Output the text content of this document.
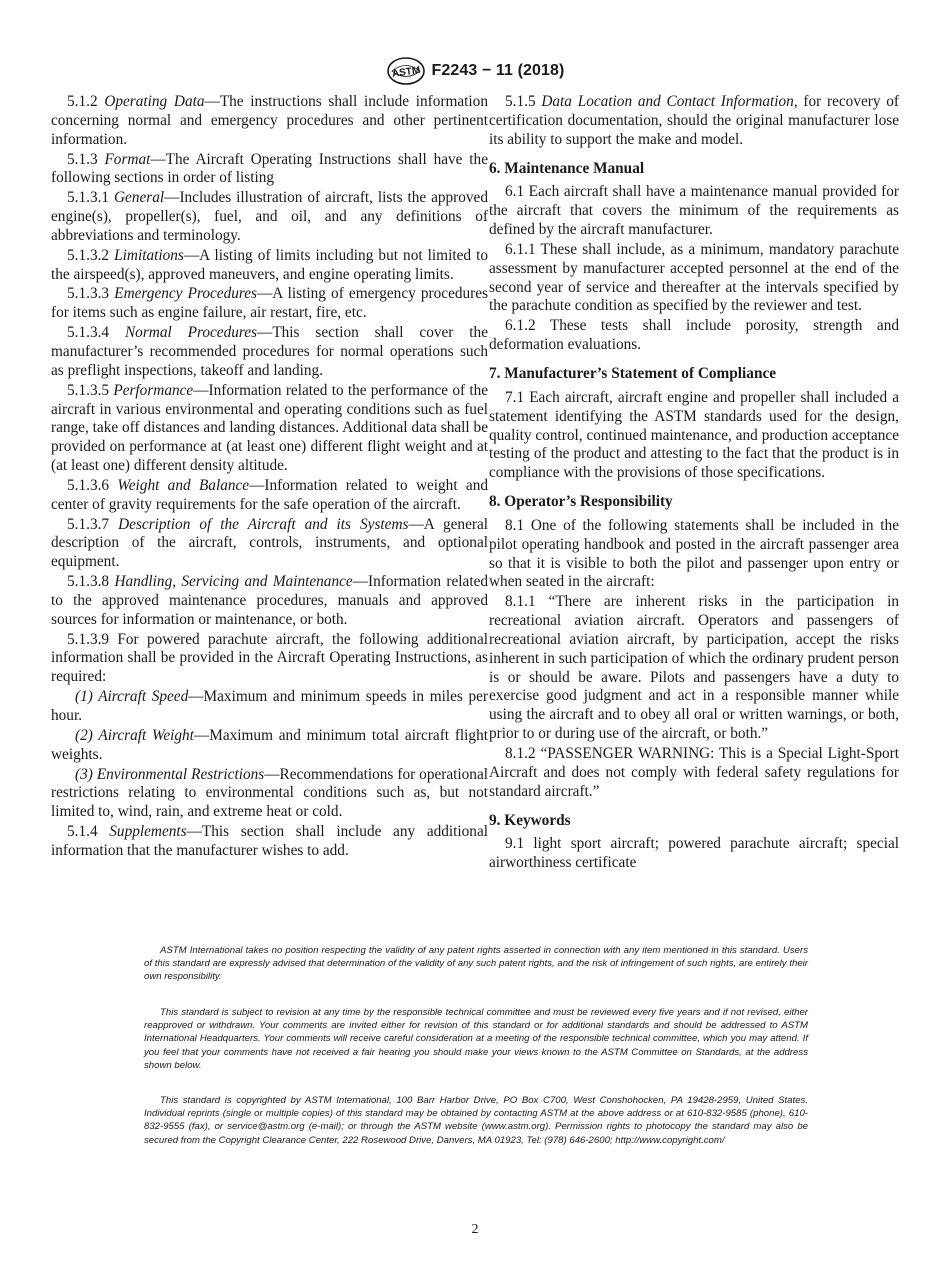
ASTM F2243 − 11 (2018)

5.1.2 Operating Data—The instructions shall include information concerning normal and emergency procedures and other pertinent information.

5.1.3 Format—The Aircraft Operating Instructions shall have the following sections in order of listing

5.1.3.1 General—Includes illustration of aircraft, lists the approved engine(s), propeller(s), fuel, and oil, and any definitions of abbreviations and terminology.

5.1.3.2 Limitations—A listing of limits including but not limited to the airspeed(s), approved maneuvers, and engine operating limits.

5.1.3.3 Emergency Procedures—A listing of emergency procedures for items such as engine failure, air restart, fire, etc.

5.1.3.4 Normal Procedures—This section shall cover the manufacturer’s recommended procedures for normal operations such as preflight inspections, takeoff and landing.

5.1.3.5 Performance—Information related to the performance of the aircraft in various environmental and operating conditions such as fuel range, take off distances and landing distances. Additional data shall be provided on performance at (at least one) different flight weight and at (at least one) different density altitude.

5.1.3.6 Weight and Balance—Information related to weight and center of gravity requirements for the safe operation of the aircraft.

5.1.3.7 Description of the Aircraft and its Systems—A general description of the aircraft, controls, instruments, and optional equipment.

5.1.3.8 Handling, Servicing and Maintenance—Information related to the approved maintenance procedures, manuals and approved sources for information or maintenance, or both.

5.1.3.9 For powered parachute aircraft, the following additional information shall be provided in the Aircraft Operating Instructions, as required:

(1) Aircraft Speed—Maximum and minimum speeds in miles per hour.

(2) Aircraft Weight—Maximum and minimum total aircraft flight weights.

(3) Environmental Restrictions—Recommendations for operational restrictions relating to environmental conditions such as, but not limited to, wind, rain, and extreme heat or cold.

5.1.4 Supplements—This section shall include any additional information that the manufacturer wishes to add.

5.1.5 Data Location and Contact Information, for recovery of certification documentation, should the original manufacturer lose its ability to support the make and model.

6. Maintenance Manual

6.1 Each aircraft shall have a maintenance manual provided for the aircraft that covers the minimum of the requirements as defined by the aircraft manufacturer.

6.1.1 These shall include, as a minimum, mandatory parachute assessment by manufacturer accepted personnel at the end of the second year of service and thereafter at the intervals specified by the parachute condition as specified by the reviewer and test.

6.1.2 These tests shall include porosity, strength and deformation evaluations.

7. Manufacturer’s Statement of Compliance

7.1 Each aircraft, aircraft engine and propeller shall included a statement identifying the ASTM standards used for the design, quality control, continued maintenance, and production acceptance testing of the product and attesting to the fact that the product is in compliance with the provisions of those specifications.

8. Operator’s Responsibility

8.1 One of the following statements shall be included in the pilot operating handbook and posted in the aircraft passenger area so that it is visible to both the pilot and passenger upon entry or when seated in the aircraft:

8.1.1 “There are inherent risks in the participation in recreational aviation aircraft. Operators and passengers of recreational aviation aircraft, by participation, accept the risks inherent in such participation of which the ordinary prudent person is or should be aware. Pilots and passengers have a duty to exercise good judgment and act in a responsible manner while using the aircraft and to obey all oral or written warnings, or both, prior to or during use of the aircraft, or both.”

8.1.2 “PASSENGER WARNING: This is a Special Light-Sport Aircraft and does not comply with federal safety regulations for standard aircraft.”

9. Keywords

9.1 light sport aircraft; powered parachute aircraft; special airworthiness certificate

ASTM International takes no position respecting the validity of any patent rights asserted in connection with any item mentioned in this standard. Users of this standard are expressly advised that determination of the validity of any such patent rights, and the risk of infringement of such rights, are entirely their own responsibility.

This standard is subject to revision at any time by the responsible technical committee and must be reviewed every five years and if not revised, either reapproved or withdrawn. Your comments are invited either for revision of this standard or for additional standards and should be addressed to ASTM International Headquarters. Your comments will receive careful consideration at a meeting of the responsible technical committee, which you may attend. If you feel that your comments have not received a fair hearing you should make your views known to the ASTM Committee on Standards, at the address shown below.

This standard is copyrighted by ASTM International, 100 Barr Harbor Drive, PO Box C700, West Conshohocken, PA 19428-2959, United States. Individual reprints (single or multiple copies) of this standard may be obtained by contacting ASTM at the above address or at 610-832-9585 (phone), 610-832-9555 (fax), or service@astm.org (e-mail); or through the ASTM website (www.astm.org). Permission rights to photocopy the standard may also be secured from the Copyright Clearance Center, 222 Rosewood Drive, Danvers, MA 01923, Tel: (978) 646-2600; http://www.copyright.com/

2
